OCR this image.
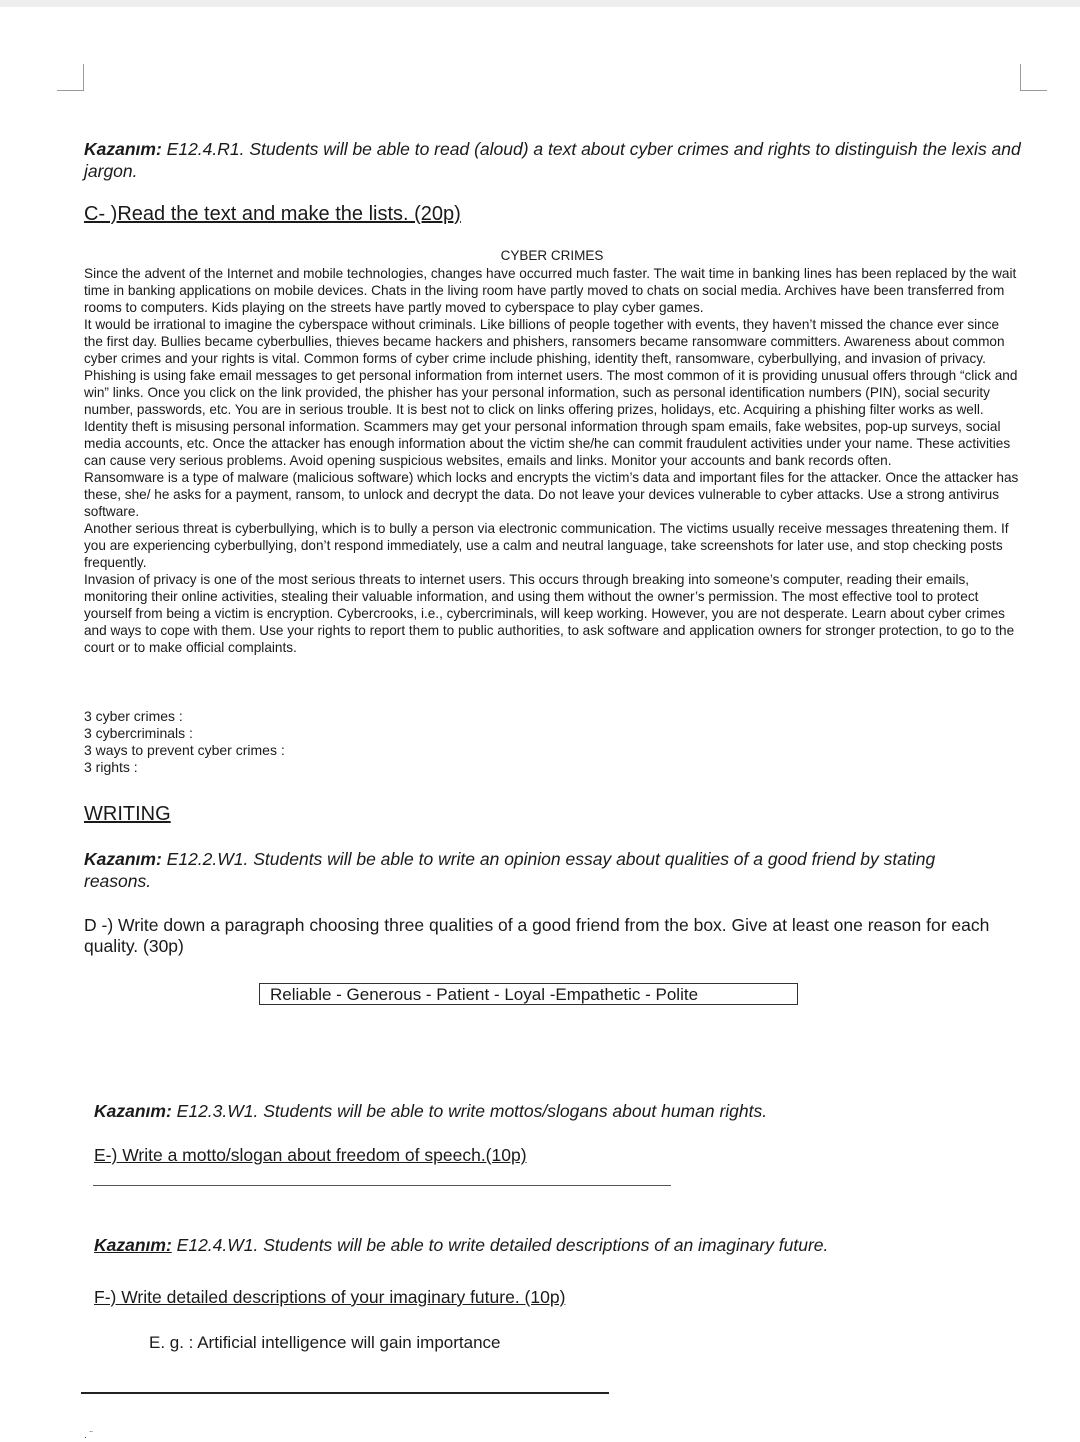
Kazanım: E12.4.R1. Students will be able to read (aloud) a text about cyber crimes and rights to distinguish the lexis and jargon.
C- )Read the text and make the lists. (20p)
CYBER CRIMES

Since the advent of the Internet and mobile technologies, changes have occurred much faster. The wait time in banking lines has been replaced by the wait time in banking applications on mobile devices. Chats in the living room have partly moved to chats on social media. Archives have been transferred from rooms to computers. Kids playing on the streets have partly moved to cyberspace to play cyber games.

It would be irrational to imagine the cyberspace without criminals. Like billions of people together with events, they haven’t missed the chance ever since the first day. Bullies became cyberbullies, thieves became hackers and phishers, ransomers became ransomware committers. Awareness about common cyber crimes and your rights is vital. Common forms of cyber crime include phishing, identity theft, ransomware, cyberbullying, and invasion of privacy.

Phishing is using fake email messages to get personal information from internet users. The most common of it is providing unusual offers through “click and win” links. Once you click on the link provided, the phisher has your personal information, such as personal identification numbers (PIN), social security number, passwords, etc. You are in serious trouble. It is best not to click on links offering prizes, holidays, etc. Acquiring a phishing filter works as well. Identity theft is misusing personal information. Scammers may get your personal information through spam emails, fake websites, pop-up surveys, social media accounts, etc. Once the attacker has enough information about the victim she/he can commit fraudulent activities under your name. These activities can cause very serious problems. Avoid opening suspicious websites, emails and links. Monitor your accounts and bank records often.

Ransomware is a type of malware (malicious software) which locks and encrypts the victim’s data and important files for the attacker. Once the attacker has these, she/ he asks for a payment, ransom, to unlock and decrypt the data. Do not leave your devices vulnerable to cyber attacks. Use a strong antivirus software.

Another serious threat is cyberbullying, which is to bully a person via electronic communication. The victims usually receive messages threatening them. If you are experiencing cyberbullying, don’t respond immediately, use a calm and neutral language, take screenshots for later use, and stop checking posts frequently.

Invasion of privacy is one of the most serious threats to internet users. This occurs through breaking into someone’s computer, reading their emails, monitoring their online activities, stealing their valuable information, and using them without the owner’s permission. The most effective tool to protect yourself from being a victim is encryption. Cybercrooks, i.e., cybercriminals, will keep working. However, you are not desperate. Learn about cyber crimes and ways to cope with them. Use your rights to report them to public authorities, to ask software and application owners for stronger protection, to go to the court or to make official complaints.

3 cyber crimes :
3 cybercriminals :
3 ways to prevent cyber crimes :
3 rights :
WRITING
Kazanım: E12.2.W1. Students will be able to write an opinion essay about qualities of a good friend by stating reasons.
D -) Write down a paragraph choosing three qualities of a good friend from the box. Give at least one reason for each quality. (30p)
Reliable - Generous - Patient - Loyal -Empathetic - Polite
Kazanım: E12.3.W1. Students will be able to write mottos/slogans about human rights.
E-) Write a motto/slogan about freedom of speech.(10p)
Kazanım: E12.4.W1. Students will be able to write detailed descriptions of an imaginary future.
F-) Write detailed descriptions of your imaginary future. (10p)
E. g. : Artificial intelligence will gain importance
. ¨
